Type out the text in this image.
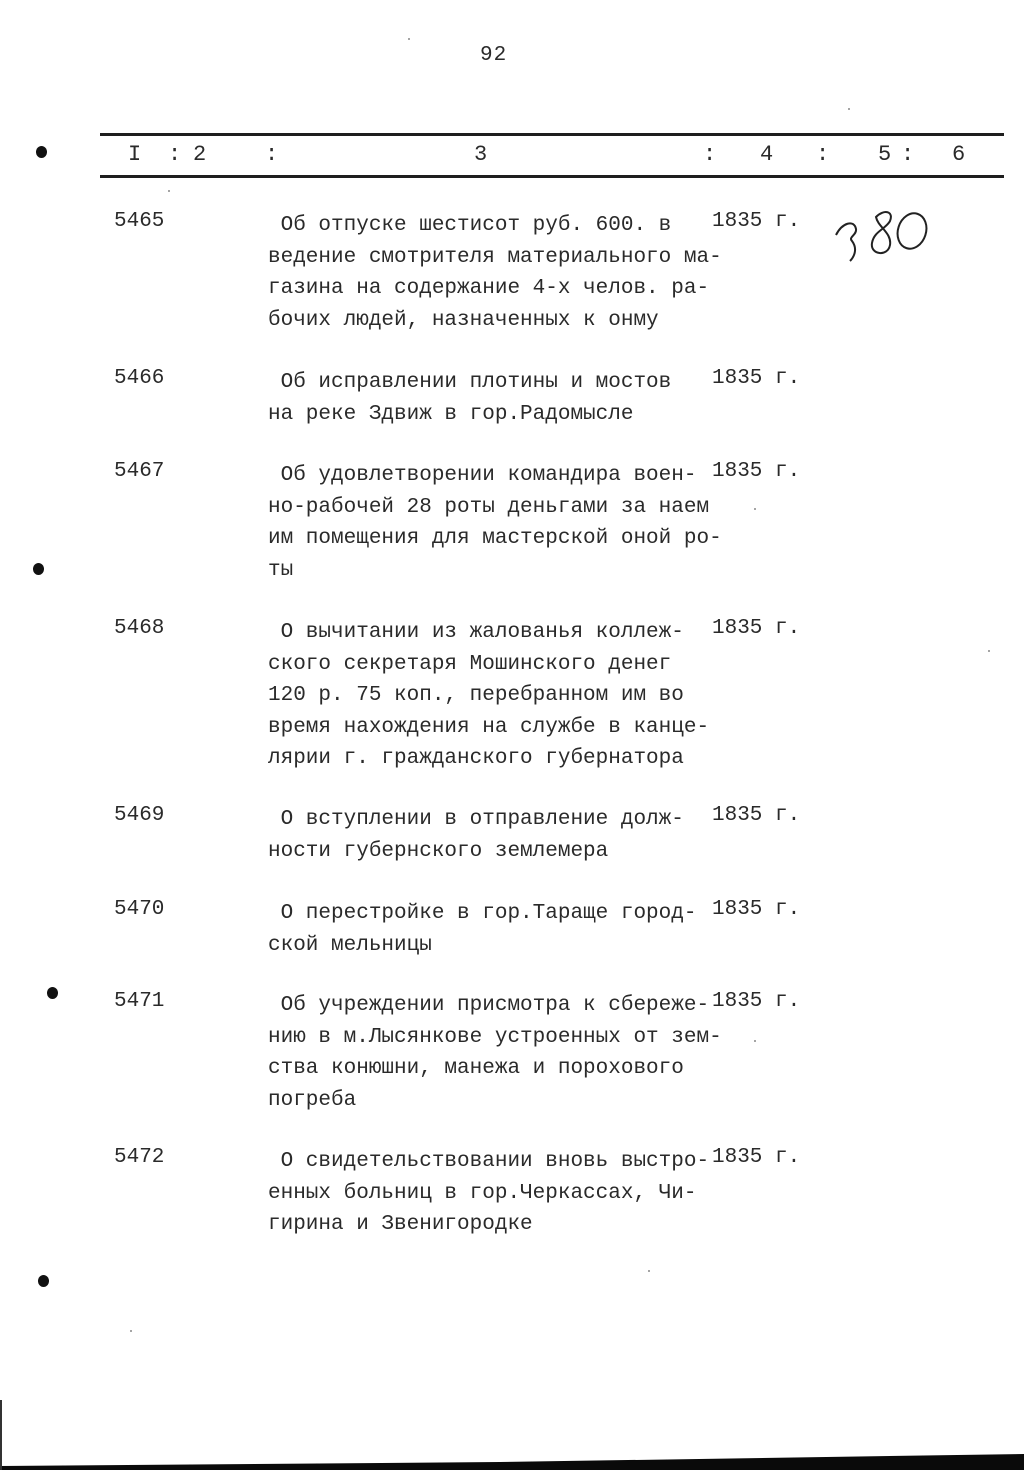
92
I : 2	:	3	: 4 : 5 : 6
5465	Об отпуске шестисот руб. 600. в
ведение смотрителя материального ма-
газина на содержание 4-х челов. ра-
бочих людей, назначенных к онму
1835 г.
5466	Об исправлении плотины и мостов
на реке Здвиж в гор.Радомысле
1835 г.
5467	Об удовлетворении командира воен-
но-рабочей 28 роты деньгами за наем
им помещения для мастерской оной ро-
ты
1835 г.
5468	О вычитании из жалованья коллеж-
ского секретаря Мошинского денег
120 р. 75 коп., перебранном им во
время нахождения на службе в канце-
лярии г. гражданского губернатора
1835 г.
5469	О вступлении в отправление долж-
ности губернского землемера
1835 г.
5470	О перестройке в гор.Тараще город-
ской мельницы
1835 г.
5471	Об учреждении присмотра к сбереже-
нию в м.Лысянкове устроенных от зем-
ства конюшни, манежа и порохового
погреба
1835 г.
5472	О свидетельствовании вновь выстро-
енных больниц в гор.Черкассах, Чи-
гирина и Звенигородке
1835 г.
